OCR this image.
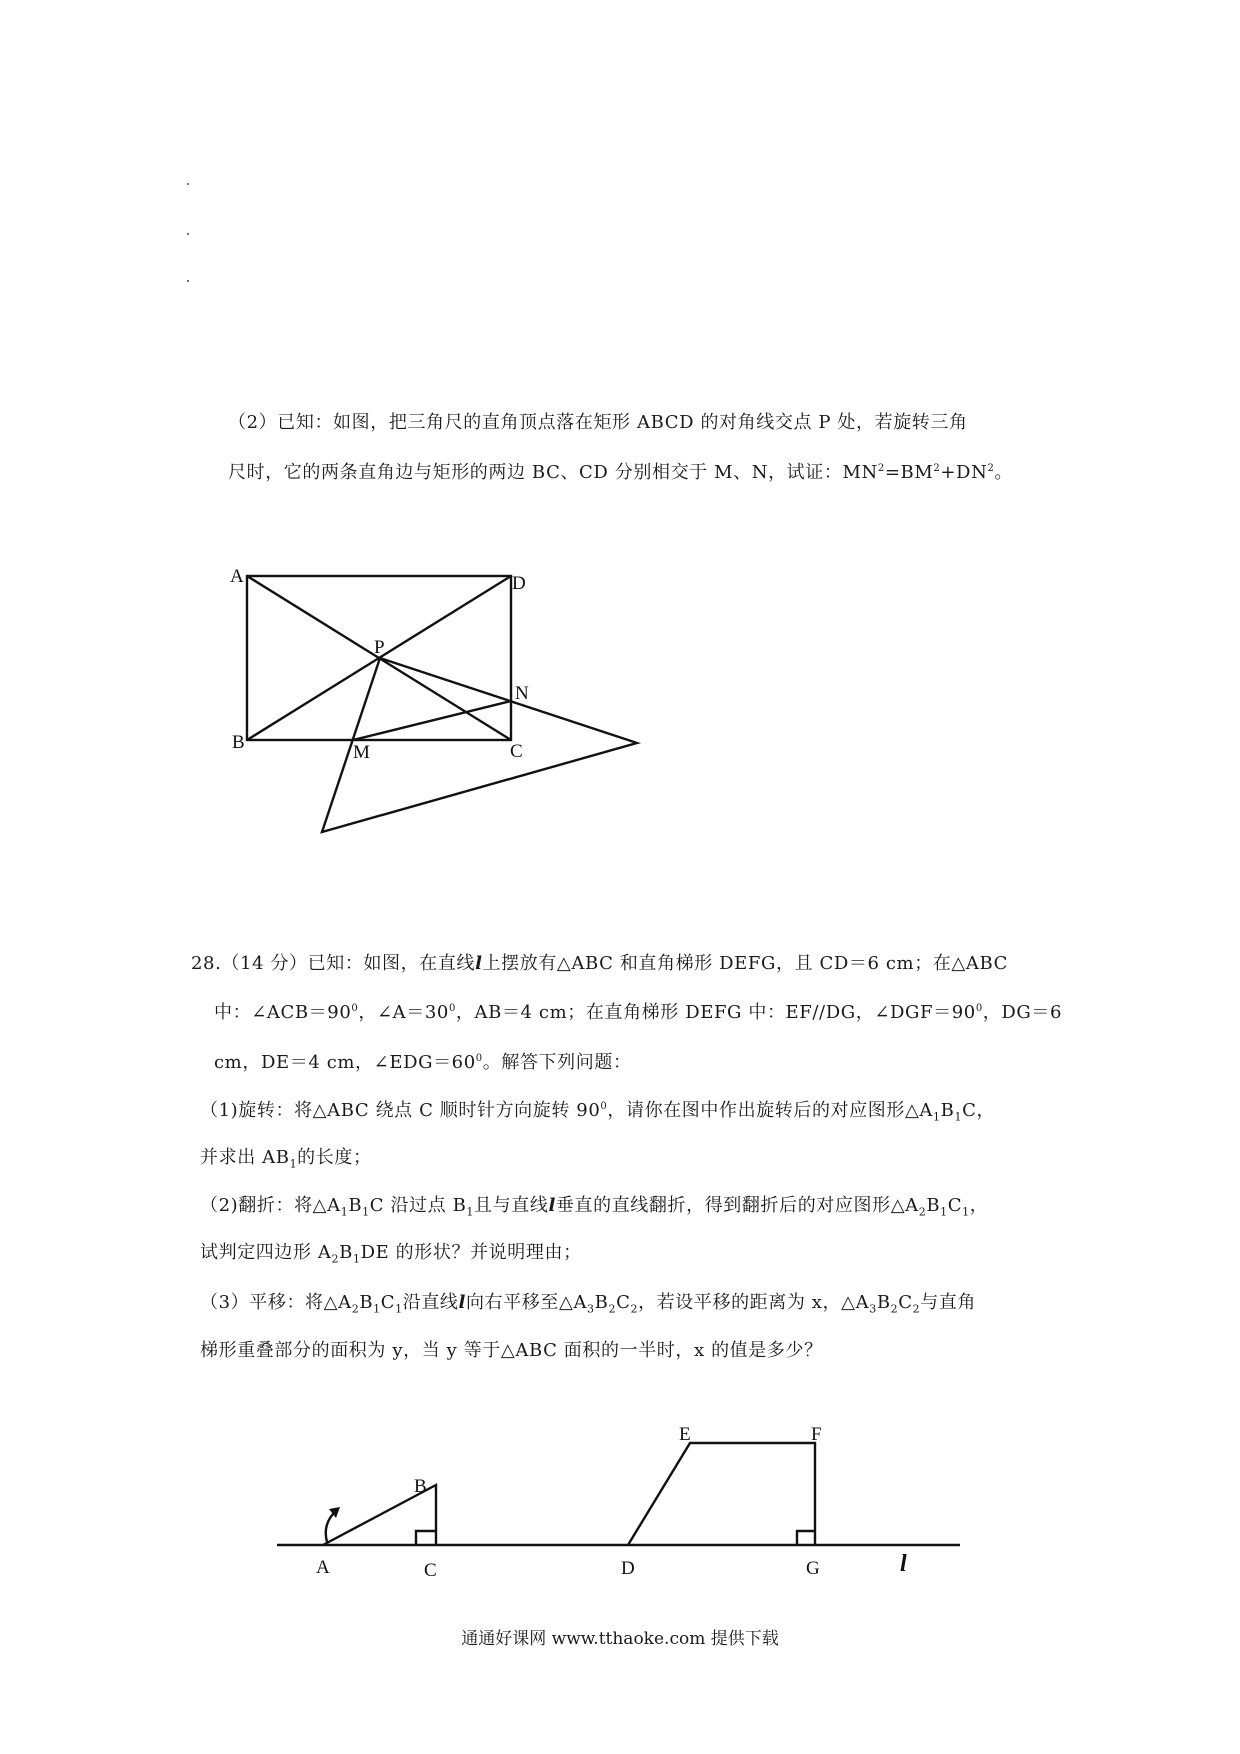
（2）已知：如图，把三角尺的直角顶点落在矩形 ABCD 的对角线交点 P 处，若旋转三角

尺时，它的两条直角边与矩形的两边 BC、CD 分别相交于 M、N，试证：$MN^2=BM^2+DN^2$。

A	D
P
N
B	M	C

28.（14 分）已知：如图，在直线l上摆放有△ABC 和直角梯形 DEFG，且 CD＝6 cm；在△ABC

中：$\angle ACB=90^0$，$\angle A=30^0$，AB＝4 cm；在直角梯形 DEFG 中：EF//DG，$\angle DGF=90^0$，DG＝6

cm，DE＝4 cm，$\angle EDG=60^0$。解答下列问题：

（1)旋转：将△ABC 绕点 C 顺时针方向旋转 $90^0$，请你在图中作出旋转后的对应图形$\triangle A_1B_1C$，

并求出 $AB_1$的长度；

（2)翻折：将$\triangle A_1B_1C$ 沿过点 $B_1$且与直线l垂直的直线翻折，得到翻折后的对应图形$\triangle A_2B_1C_1$，

试判定四边形 $A_2B_1DE$ 的形状？并说明理由；

（3）平移：将$\triangle A_2B_1C_1$沿直线l向右平移至$\triangle A_3B_2C_2$，若设平移的距离为 x，$\triangle A_3B_2C_2$与直角

梯形重叠部分的面积为 y，当 y 等于△ABC 面积的一半时，x 的值是多少？

E	F
B
A	C	D	G	l
通通好课网 www.tthaoke.com 提供下载
